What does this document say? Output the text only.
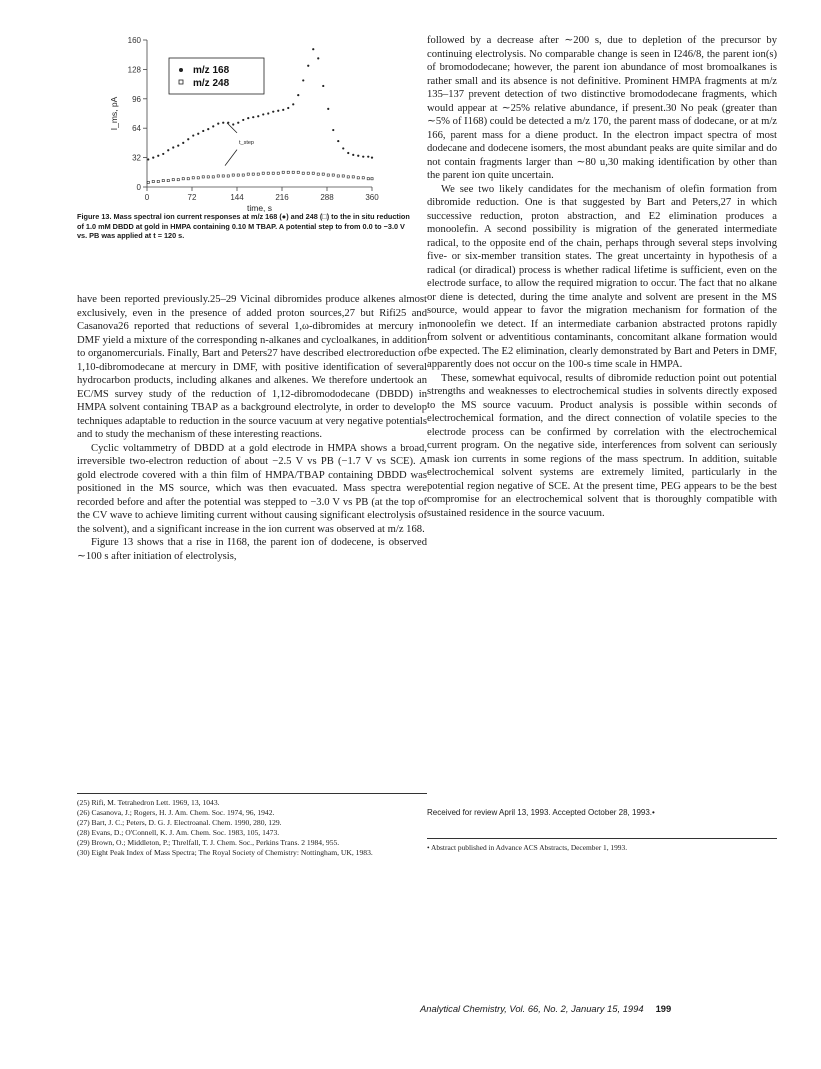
0
32
64
96
128
160
0	72	144	216	288	360
time, s
I_ms, pA
m/z 168
m/z 248
t_step

Figure 13. Mass spectral ion current responses at m/z 168 (●) and 248 (□) to the in situ reduction of 1.0 mM DBDD at gold in HMPA containing 0.10 M TBAP. A potential step to from 0.0 to −3.0 V vs. PB was applied at t = 120 s.

have been reported previously.25–29 Vicinal dibromides produce alkenes almost exclusively, even in the presence of added proton sources,27 but Rifi25 and Casanova26 reported that reductions of several 1,ω-dibromides at mercury in DMF yield a mixture of the corresponding n-alkanes and cycloalkanes, in addition to organomercurials. Finally, Bart and Peters27 have described electroreduction of 1,10-dibromodecane at mercury in DMF, with positive identification of several hydrocarbon products, including alkanes and alkenes. We therefore undertook an EC/MS survey study of the reduction of 1,12-dibromododecane (DBDD) in HMPA solvent containing TBAP as a background electrolyte, in order to develop techniques adaptable to reduction in the source vacuum at very negative potentials and to study the mechanism of these interesting reactions.

Cyclic voltammetry of DBDD at a gold electrode in HMPA shows a broad, irreversible two-electron reduction of about −2.5 V vs PB (−1.7 V vs SCE). A gold electrode covered with a thin film of HMPA/TBAP containing DBDD was positioned in the MS source, which was then evacuated. Mass spectra were recorded before and after the potential was stepped to −3.0 V vs PB (at the top of the CV wave to achieve limiting current without causing significant electrolysis of the solvent), and a significant increase in the ion current was observed at m/z 168.

Figure 13 shows that a rise in I168, the parent ion of dodecene, is observed ∼100 s after initiation of electrolysis,

(25) Rifi, M. Tetrahedron Lett. 1969, 13, 1043.

(26) Casanova, J.; Rogers, H. J. Am. Chem. Soc. 1974, 96, 1942.

(27) Bart, J. C.; Peters, D. G. J. Electroanal. Chem. 1990, 280, 129.

(28) Evans, D.; O'Connell, K. J. Am. Chem. Soc. 1983, 105, 1473.

(29) Brown, O.; Middleton, P.; Threlfall, T. J. Chem. Soc., Perkins Trans. 2 1984, 955.

(30) Eight Peak Index of Mass Spectra; The Royal Society of Chemistry: Nottingham, UK, 1983.

followed by a decrease after ∼200 s, due to depletion of the precursor by continuing electrolysis. No comparable change is seen in I246/8, the parent ion(s) of bromododecane; however, the parent ion abundance of most bromoalkanes is rather small and its absence is not definitive. Prominent HMPA fragments at m/z 135–137 prevent detection of two distinctive bromododecane fragments, which would appear at ∼25% relative abundance, if present.30 No peak (greater than ∼5% of I168) could be detected a m/z 170, the parent mass of dodecane, or at m/z 166, parent mass for a diene product. In the electron impact spectra of most dodecane and dodecene isomers, the most abundant peaks are quite similar and do not contain fragments larger than ∼80 u,30 making identification by other than the parent ion quite uncertain.

We see two likely candidates for the mechanism of olefin formation from dibromide reduction. One is that suggested by Bart and Peters,27 in which successive reduction, proton abstraction, and E2 elimination produces a monoolefin. A second possibility is migration of the generated intermediate radical, to the opposite end of the chain, perhaps through several steps involving five- or six-member transition states. The great uncertainty in hypothesis of a radical (or diradical) process is whether radical lifetime is sufficient, even on the electrode surface, to allow the required migration to occur. The fact that no alkane or diene is detected, during the time analyte and solvent are present in the MS source, would appear to favor the migration mechanism for formation of the monoolefin we detect. If an intermediate carbanion abstracted protons rapidly from solvent or adventitious contaminants, concomitant alkane formation would be expected. The E2 elimination, clearly demonstrated by Bart and Peters in DMF, apparently does not occur on the 100-s time scale in HMPA.

These, somewhat equivocal, results of dibromide reduction point out potential strengths and weaknesses to electrochemical studies in solvents directly exposed to the MS source vacuum. Product analysis is possible within seconds of electrochemical formation, and the direct connection of volatile species to the electrode process can be confirmed by correlation with the electrochemical current program. On the negative side, interferences from solvent can seriously mask ion currents in some regions of the mass spectrum. In addition, suitable electrochemical solvent systems are extremely limited, particularly in the potential region negative of SCE. At the present time, PEG appears to be the best compromise for an electrochemical solvent that is thoroughly compatible with sustained residence in the source vacuum.

Received for review April 13, 1993. Accepted October 28, 1993.•

• Abstract published in Advance ACS Abstracts, December 1, 1993.

Analytical Chemistry, Vol. 66, No. 2, January 15, 1994 199
